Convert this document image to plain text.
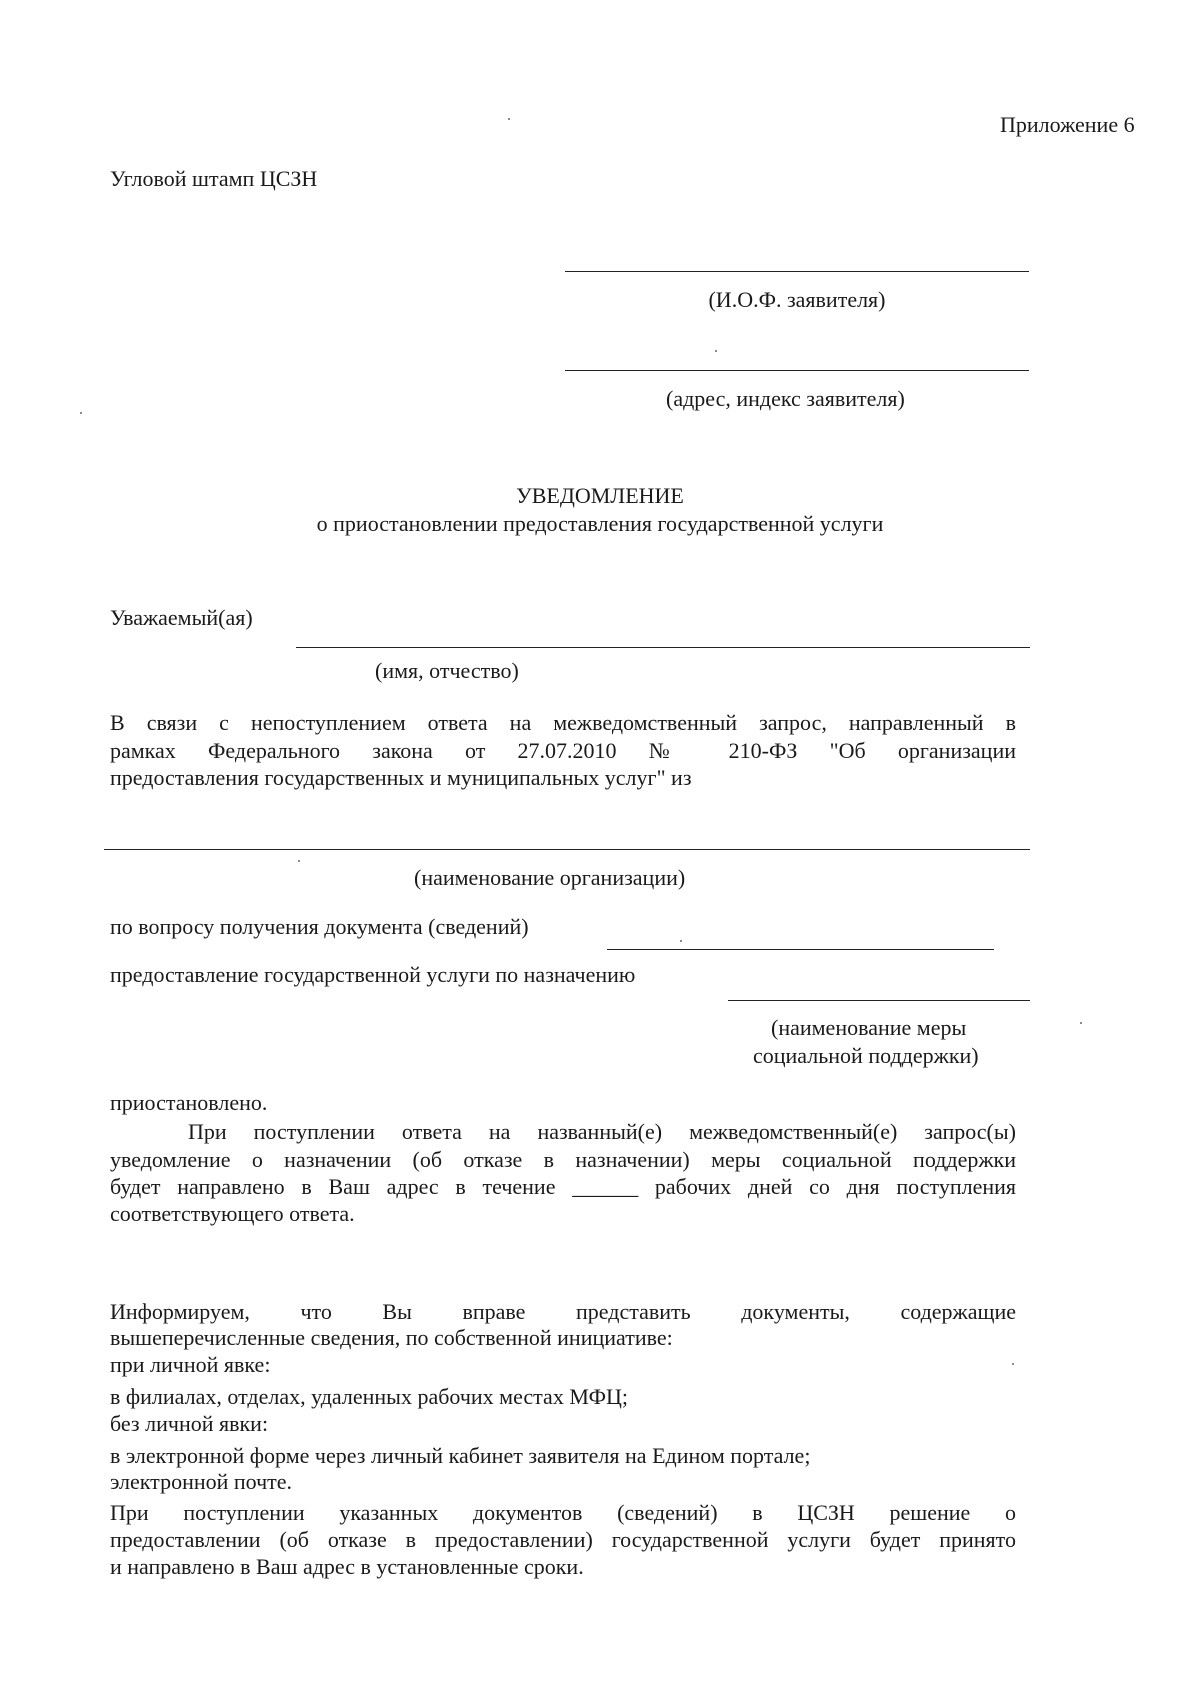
Приложение 6
Угловой штамп ЦСЗН
(И.О.Ф. заявителя)
(адрес, индекс заявителя)
УВЕДОМЛЕНИЕ
о приостановлении предоставления государственной услуги
Уважаемый(ая)
(имя, отчество)
В связи с непоступлением ответа на межведомственный запрос, направленный в
рамках Федерального закона от 27.07.2010 № 210-ФЗ "Об организации
предоставления государственных и муниципальных услуг" из
(наименование организации)
по вопросу получения документа (сведений)
предоставление государственной услуги по назначению
(наименование меры
социальной поддержки)
приостановлено.
При поступлении ответа на названный(е) межведомственный(е) запрос(ы)
уведомление о назначении (об отказе в назначении) меры социальной поддержки
будет направлено в Ваш адрес в течение ______ рабочих дней со дня поступления
соответствующего ответа.
Информируем, что Вы вправе представить документы, содержащие
вышеперечисленные сведения, по собственной инициативе:
при личной явке:
в филиалах, отделах, удаленных рабочих местах МФЦ;
без личной явки:
в электронной форме через личный кабинет заявителя на Едином портале;
электронной почте.
При поступлении указанных документов (сведений) в ЦСЗН решение о
предоставлении (об отказе в предоставлении) государственной услуги будет принято
и направлено в Ваш адрес в установленные сроки.
